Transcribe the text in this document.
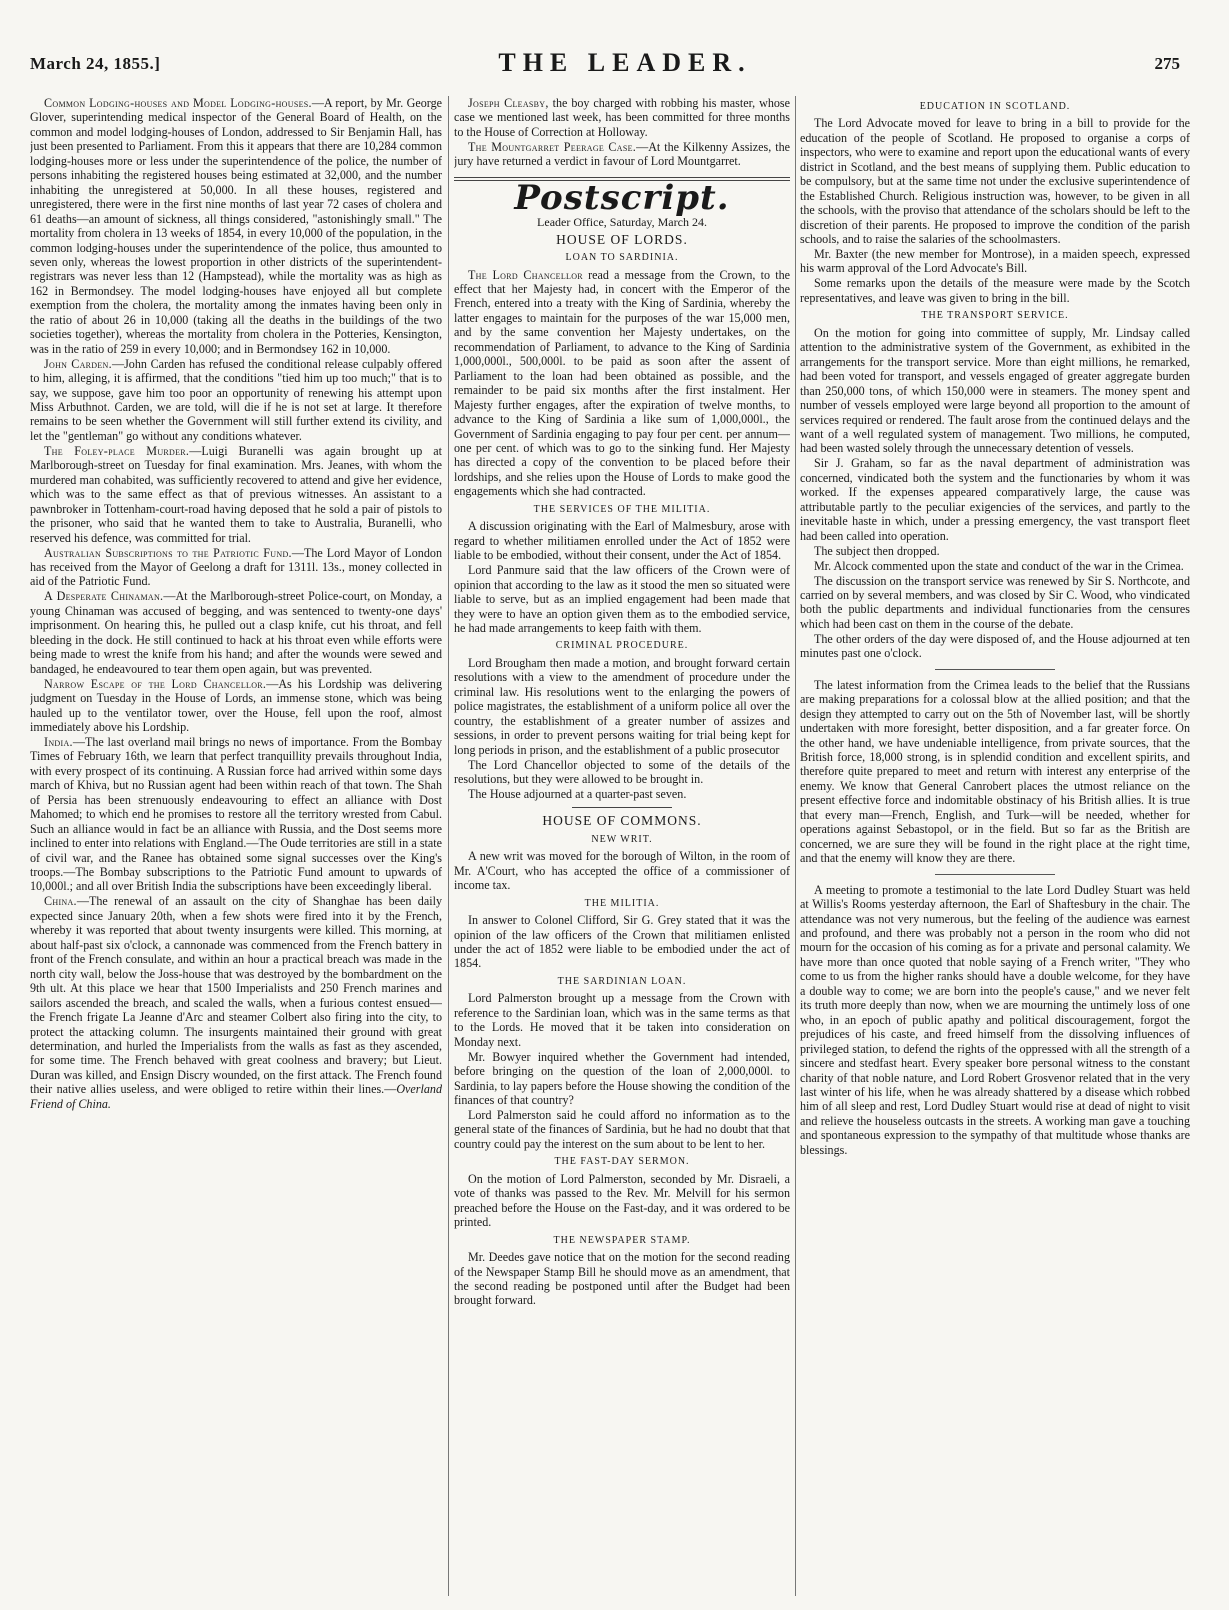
March 24, 1855.]	THE LEADER.	275

Common Lodging-houses and Model Lodging-houses.—A report, by Mr. George Glover, superintending medical inspector of the General Board of Health, on the common and model lodging-houses of London, addressed to Sir Benjamin Hall, has just been presented to Parliament. From this it appears that there are 10,284 common lodging-houses more or less under the superintendence of the police, the number of persons inhabiting the registered houses being estimated at 32,000, and the number inhabiting the unregistered at 50,000. In all these houses, registered and unregistered, there were in the first nine months of last year 72 cases of cholera and 61 deaths—an amount of sickness, all things considered, "astonishingly small." The mortality from cholera in 13 weeks of 1854, in every 10,000 of the population, in the common lodging-houses under the superintendence of the police, thus amounted to seven only, whereas the lowest proportion in other districts of the superintendent-registrars was never less than 12 (Hampstead), while the mortality was as high as 162 in Bermondsey. The model lodging-houses have enjoyed all but complete exemption from the cholera, the mortality among the inmates having been only in the ratio of about 26 in 10,000 (taking all the deaths in the buildings of the two societies together), whereas the mortality from cholera in the Potteries, Kensington, was in the ratio of 259 in every 10,000; and in Bermondsey 162 in 10,000.

John Carden.—John Carden has refused the conditional release culpably offered to him, alleging, it is affirmed, that the conditions "tied him up too much;" that is to say, we suppose, gave him too poor an opportunity of renewing his attempt upon Miss Arbuthnot. Carden, we are told, will die if he is not set at large. It therefore remains to be seen whether the Government will still further extend its civility, and let the "gentleman" go without any conditions whatever.

The Foley-place Murder.—Luigi Buranelli was again brought up at Marlborough-street on Tuesday for final examination. Mrs. Jeanes, with whom the murdered man cohabited, was sufficiently recovered to attend and give her evidence, which was to the same effect as that of previous witnesses. An assistant to a pawnbroker in Tottenham-court-road having deposed that he sold a pair of pistols to the prisoner, who said that he wanted them to take to Australia, Buranelli, who reserved his defence, was committed for trial.

Australian Subscriptions to the Patriotic Fund.—The Lord Mayor of London has received from the Mayor of Geelong a draft for 1311l. 13s., money collected in aid of the Patriotic Fund.

A Desperate Chinaman.—At the Marlborough-street Police-court, on Monday, a young Chinaman was accused of begging, and was sentenced to twenty-one days' imprisonment. On hearing this, he pulled out a clasp knife, cut his throat, and fell bleeding in the dock. He still continued to hack at his throat even while efforts were being made to wrest the knife from his hand; and after the wounds were sewed and bandaged, he endeavoured to tear them open again, but was prevented.

Narrow Escape of the Lord Chancellor.—As his Lordship was delivering judgment on Tuesday in the House of Lords, an immense stone, which was being hauled up to the ventilator tower, over the House, fell upon the roof, almost immediately above his Lordship.

India.—The last overland mail brings no news of importance. From the Bombay Times of February 16th, we learn that perfect tranquillity prevails throughout India, with every prospect of its continuing. A Russian force had arrived within some days march of Khiva, but no Russian agent had been within reach of that town. The Shah of Persia has been strenuously endeavouring to effect an alliance with Dost Mahomed; to which end he promises to restore all the territory wrested from Cabul. Such an alliance would in fact be an alliance with Russia, and the Dost seems more inclined to enter into relations with England.—The Oude territories are still in a state of civil war, and the Ranee has obtained some signal successes over the King's troops.—The Bombay subscriptions to the Patriotic Fund amount to upwards of 10,000l.; and all over British India the subscriptions have been exceedingly liberal.

China.—The renewal of an assault on the city of Shanghae has been daily expected since January 20th, when a few shots were fired into it by the French, whereby it was reported that about twenty insurgents were killed. This morning, at about half-past six o'clock, a cannonade was commenced from the French battery in front of the French consulate, and within an hour a practical breach was made in the north city wall, below the Joss-house that was destroyed by the bombardment on the 9th ult. At this place we hear that 1500 Imperialists and 250 French marines and sailors ascended the breach, and scaled the walls, when a furious contest ensued—the French frigate La Jeanne d'Arc and steamer Colbert also firing into the city, to protect the attacking column. The insurgents maintained their ground with great determination, and hurled the Imperialists from the walls as fast as they ascended, for some time. The French behaved with great coolness and bravery; but Lieut. Duran was killed, and Ensign Discry wounded, on the first attack. The French found their native allies useless, and were obliged to retire within their lines.—Overland Friend of China.

Joseph Cleasby, the boy charged with robbing his master, whose case we mentioned last week, has been committed for three months to the House of Correction at Holloway.

The Mountgarret Peerage Case.—At the Kilkenny Assizes, the jury have returned a verdict in favour of Lord Mountgarret.

Postscript.
Leader Office, Saturday, March 24.
HOUSE OF LORDS.
LOAN TO SARDINIA.

The Lord Chancellor read a message from the Crown, to the effect that her Majesty had, in concert with the Emperor of the French, entered into a treaty with the King of Sardinia, whereby the latter engages to maintain for the purposes of the war 15,000 men, and by the same convention her Majesty undertakes, on the recommendation of Parliament, to advance to the King of Sardinia 1,000,000l., 500,000l. to be paid as soon after the assent of Parliament to the loan had been obtained as possible, and the remainder to be paid six months after the first instalment. Her Majesty further engages, after the expiration of twelve months, to advance to the King of Sardinia a like sum of 1,000,000l., the Government of Sardinia engaging to pay four per cent. per annum—one per cent. of which was to go to the sinking fund. Her Majesty has directed a copy of the convention to be placed before their lordships, and she relies upon the House of Lords to make good the engagements which she had contracted.

THE SERVICES OF THE MILITIA.

A discussion originating with the Earl of Malmesbury, arose with regard to whether militiamen enrolled under the Act of 1852 were liable to be embodied, without their consent, under the Act of 1854.

Lord Panmure said that the law officers of the Crown were of opinion that according to the law as it stood the men so situated were liable to serve, but as an implied engagement had been made that they were to have an option given them as to the embodied service, he had made arrangements to keep faith with them.

CRIMINAL PROCEDURE.

Lord Brougham then made a motion, and brought forward certain resolutions with a view to the amendment of procedure under the criminal law. His resolutions went to the enlarging the powers of police magistrates, the establishment of a uniform police all over the country, the establishment of a greater number of assizes and sessions, in order to prevent persons waiting for trial being kept for long periods in prison, and the establishment of a public prosecutor

The Lord Chancellor objected to some of the details of the resolutions, but they were allowed to be brought in.

The House adjourned at a quarter-past seven.

HOUSE OF COMMONS.
NEW WRIT.

A new writ was moved for the borough of Wilton, in the room of Mr. A'Court, who has accepted the office of a commissioner of income tax.

THE MILITIA.

In answer to Colonel Clifford, Sir G. Grey stated that it was the opinion of the law officers of the Crown that militiamen enlisted under the act of 1852 were liable to be embodied under the act of 1854.

THE SARDINIAN LOAN.

Lord Palmerston brought up a message from the Crown with reference to the Sardinian loan, which was in the same terms as that to the Lords. He moved that it be taken into consideration on Monday next.

Mr. Bowyer inquired whether the Government had intended, before bringing on the question of the loan of 2,000,000l. to Sardinia, to lay papers before the House showing the condition of the finances of that country?

Lord Palmerston said he could afford no information as to the general state of the finances of Sardinia, but he had no doubt that that country could pay the interest on the sum about to be lent to her.

THE FAST-DAY SERMON.

On the motion of Lord Palmerston, seconded by Mr. Disraeli, a vote of thanks was passed to the Rev. Mr. Melvill for his sermon preached before the House on the Fast-day, and it was ordered to be printed.

THE NEWSPAPER STAMP.

Mr. Deedes gave notice that on the motion for the second reading of the Newspaper Stamp Bill he should move as an amendment, that the second reading be postponed until after the Budget had been brought forward.

EDUCATION IN SCOTLAND.

The Lord Advocate moved for leave to bring in a bill to provide for the education of the people of Scotland. He proposed to organise a corps of inspectors, who were to examine and report upon the educational wants of every district in Scotland, and the best means of supplying them. Public education to be compulsory, but at the same time not under the exclusive superintendence of the Established Church. Religious instruction was, however, to be given in all the schools, with the proviso that attendance of the scholars should be left to the discretion of their parents. He proposed to improve the condition of the parish schools, and to raise the salaries of the schoolmasters.

Mr. Baxter (the new member for Montrose), in a maiden speech, expressed his warm approval of the Lord Advocate's Bill.

Some remarks upon the details of the measure were made by the Scotch representatives, and leave was given to bring in the bill.

THE TRANSPORT SERVICE.

On the motion for going into committee of supply, Mr. Lindsay called attention to the administrative system of the Government, as exhibited in the arrangements for the transport service. More than eight millions, he remarked, had been voted for transport, and vessels engaged of greater aggregate burden than 250,000 tons, of which 150,000 were in steamers. The money spent and number of vessels employed were large beyond all proportion to the amount of services required or rendered. The fault arose from the continued delays and the want of a well regulated system of management. Two millions, he computed, had been wasted solely through the unnecessary detention of vessels.

Sir J. Graham, so far as the naval department of administration was concerned, vindicated both the system and the functionaries by whom it was worked. If the expenses appeared comparatively large, the cause was attributable partly to the peculiar exigencies of the services, and partly to the inevitable haste in which, under a pressing emergency, the vast transport fleet had been called into operation.

The subject then dropped.

Mr. Alcock commented upon the state and conduct of the war in the Crimea.

The discussion on the transport service was renewed by Sir S. Northcote, and carried on by several members, and was closed by Sir C. Wood, who vindicated both the public departments and individual functionaries from the censures which had been cast on them in the course of the debate.

The other orders of the day were disposed of, and the House adjourned at ten minutes past one o'clock.

The latest information from the Crimea leads to the belief that the Russians are making preparations for a colossal blow at the allied position; and that the design they attempted to carry out on the 5th of November last, will be shortly undertaken with more foresight, better disposition, and a far greater force. On the other hand, we have undeniable intelligence, from private sources, that the British force, 18,000 strong, is in splendid condition and excellent spirits, and therefore quite prepared to meet and return with interest any enterprise of the enemy. We know that General Canrobert places the utmost reliance on the present effective force and indomitable obstinacy of his British allies. It is true that every man—French, English, and Turk—will be needed, whether for operations against Sebastopol, or in the field. But so far as the British are concerned, we are sure they will be found in the right place at the right time, and that the enemy will know they are there.

A meeting to promote a testimonial to the late Lord Dudley Stuart was held at Willis's Rooms yesterday afternoon, the Earl of Shaftesbury in the chair. The attendance was not very numerous, but the feeling of the audience was earnest and profound, and there was probably not a person in the room who did not mourn for the occasion of his coming as for a private and personal calamity. We have more than once quoted that noble saying of a French writer, "They who come to us from the higher ranks should have a double welcome, for they have a double way to come; we are born into the people's cause," and we never felt its truth more deeply than now, when we are mourning the untimely loss of one who, in an epoch of public apathy and political discouragement, forgot the prejudices of his caste, and freed himself from the dissolving influences of privileged station, to defend the rights of the oppressed with all the strength of a sincere and stedfast heart. Every speaker bore personal witness to the constant charity of that noble nature, and Lord Robert Grosvenor related that in the very last winter of his life, when he was already shattered by a disease which robbed him of all sleep and rest, Lord Dudley Stuart would rise at dead of night to visit and relieve the houseless outcasts in the streets. A working man gave a touching and spontaneous expression to the sympathy of that multitude whose thanks are blessings.
